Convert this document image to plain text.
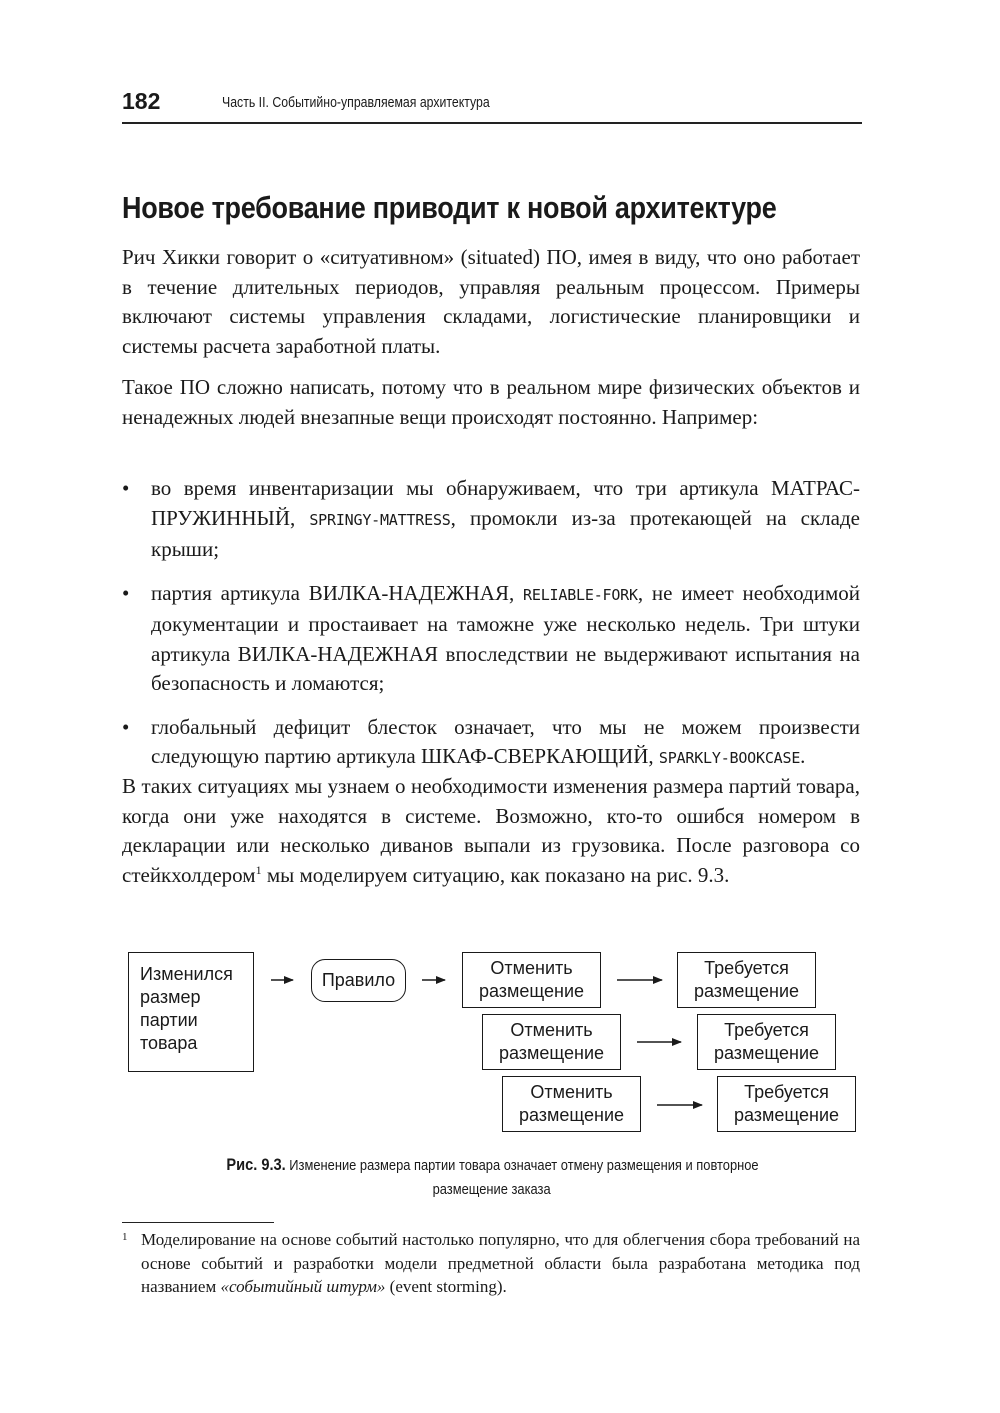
182	Часть II. Событийно-управляемая архитектура
Новое требование приводит к новой архитектуре

Рич Хикки говорит о «ситуативном» (situated) ПО, имея в виду, что оно работает в течение длительных периодов, управляя реальным процессом. Примеры включают системы управления складами, логистические планировщики и системы расчета заработной платы.

Такое ПО сложно написать, потому что в реальном мире физических объектов и ненадежных людей внезапные вещи происходят постоянно. Например:

• во время инвентаризации мы обнаруживаем, что три артикула МАТРАС-ПРУЖИННЫЙ, SPRINGY-MATTRESS, промокли из-за протекающей на складе крыши;
• партия артикула ВИЛКА-НАДЕЖНАЯ, RELIABLE-FORK, не имеет необходимой документации и простаивает на таможне уже несколько недель. Три штуки артикула ВИЛКА-НАДЕЖНАЯ впоследствии не выдерживают испытания на безопасность и ломаются;
• глобальный дефицит блесток означает, что мы не можем произвести следующую партию артикула ШКАФ-СВЕРКАЮЩИЙ, SPARKLY-BOOKCASE.

В таких ситуациях мы узнаем о необходимости изменения размера партий товара, когда они уже находятся в системе. Возможно, кто-то ошибся номером в декларации или несколько диванов выпали из грузовика. После разговора со стейкхолдером$^1$ мы моделируем ситуацию, как показано на рис. 9.3.

Изменился
размер
партии
товара
Правило
Отменить размещение
Требуется размещение
Отменить размещение
Требуется размещение
Отменить размещение
Требуется размещение
Рис. 9.3. Изменение размера партии товара означает отмену размещения и повторное
размещение заказа
1 Моделирование на основе событий настолько популярно, что для облегчения сбора требований на основе событий и разработки модели предметной области была разработана методика под названием «событийный штурм» (event storming).
